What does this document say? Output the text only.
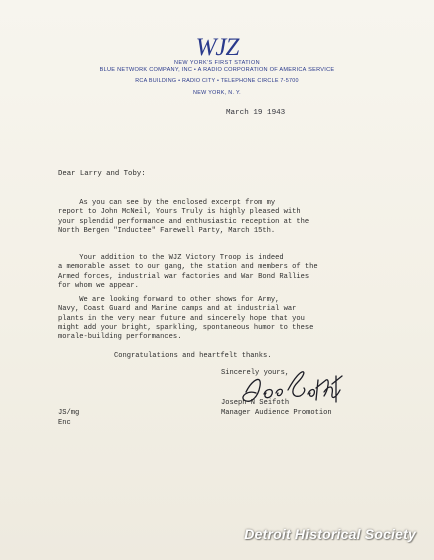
WJZ
NEW YORK'S FIRST STATION
BLUE NETWORK COMPANY, INC • A RADIO CORPORATION OF AMERICA SERVICE
RCA BUILDING • RADIO CITY • TELEPHONE CIRCLE 7-5700
NEW YORK, N. Y.
March 19 1943
Dear Larry and Toby:
As you can see by the enclosed excerpt from my
report to John McNeil, Yours Truly is highly pleased with
your splendid performance and enthusiastic reception at the
North Bergen "Inductee" Farewell Party, March 15th.
Your addition to the WJZ Victory Troop is indeed
a memorable asset to our gang, the station and members of the
Armed forces, industrial war factories and War Bond Rallies
for whom we appear.
We are looking forward to other shows for Army,
Navy, Coast Guard and Marine camps and at industrial war
plants in the very near future and sincerely hope that you
might add your bright, sparkling, spontaneous humor to these
morale-building performances.
Congratulations and heartfelt thanks.
Sincerely yours,
Joseph N Seifoth
Manager Audience Promotion
JS/mg
Enc
Detroit Historical Society
